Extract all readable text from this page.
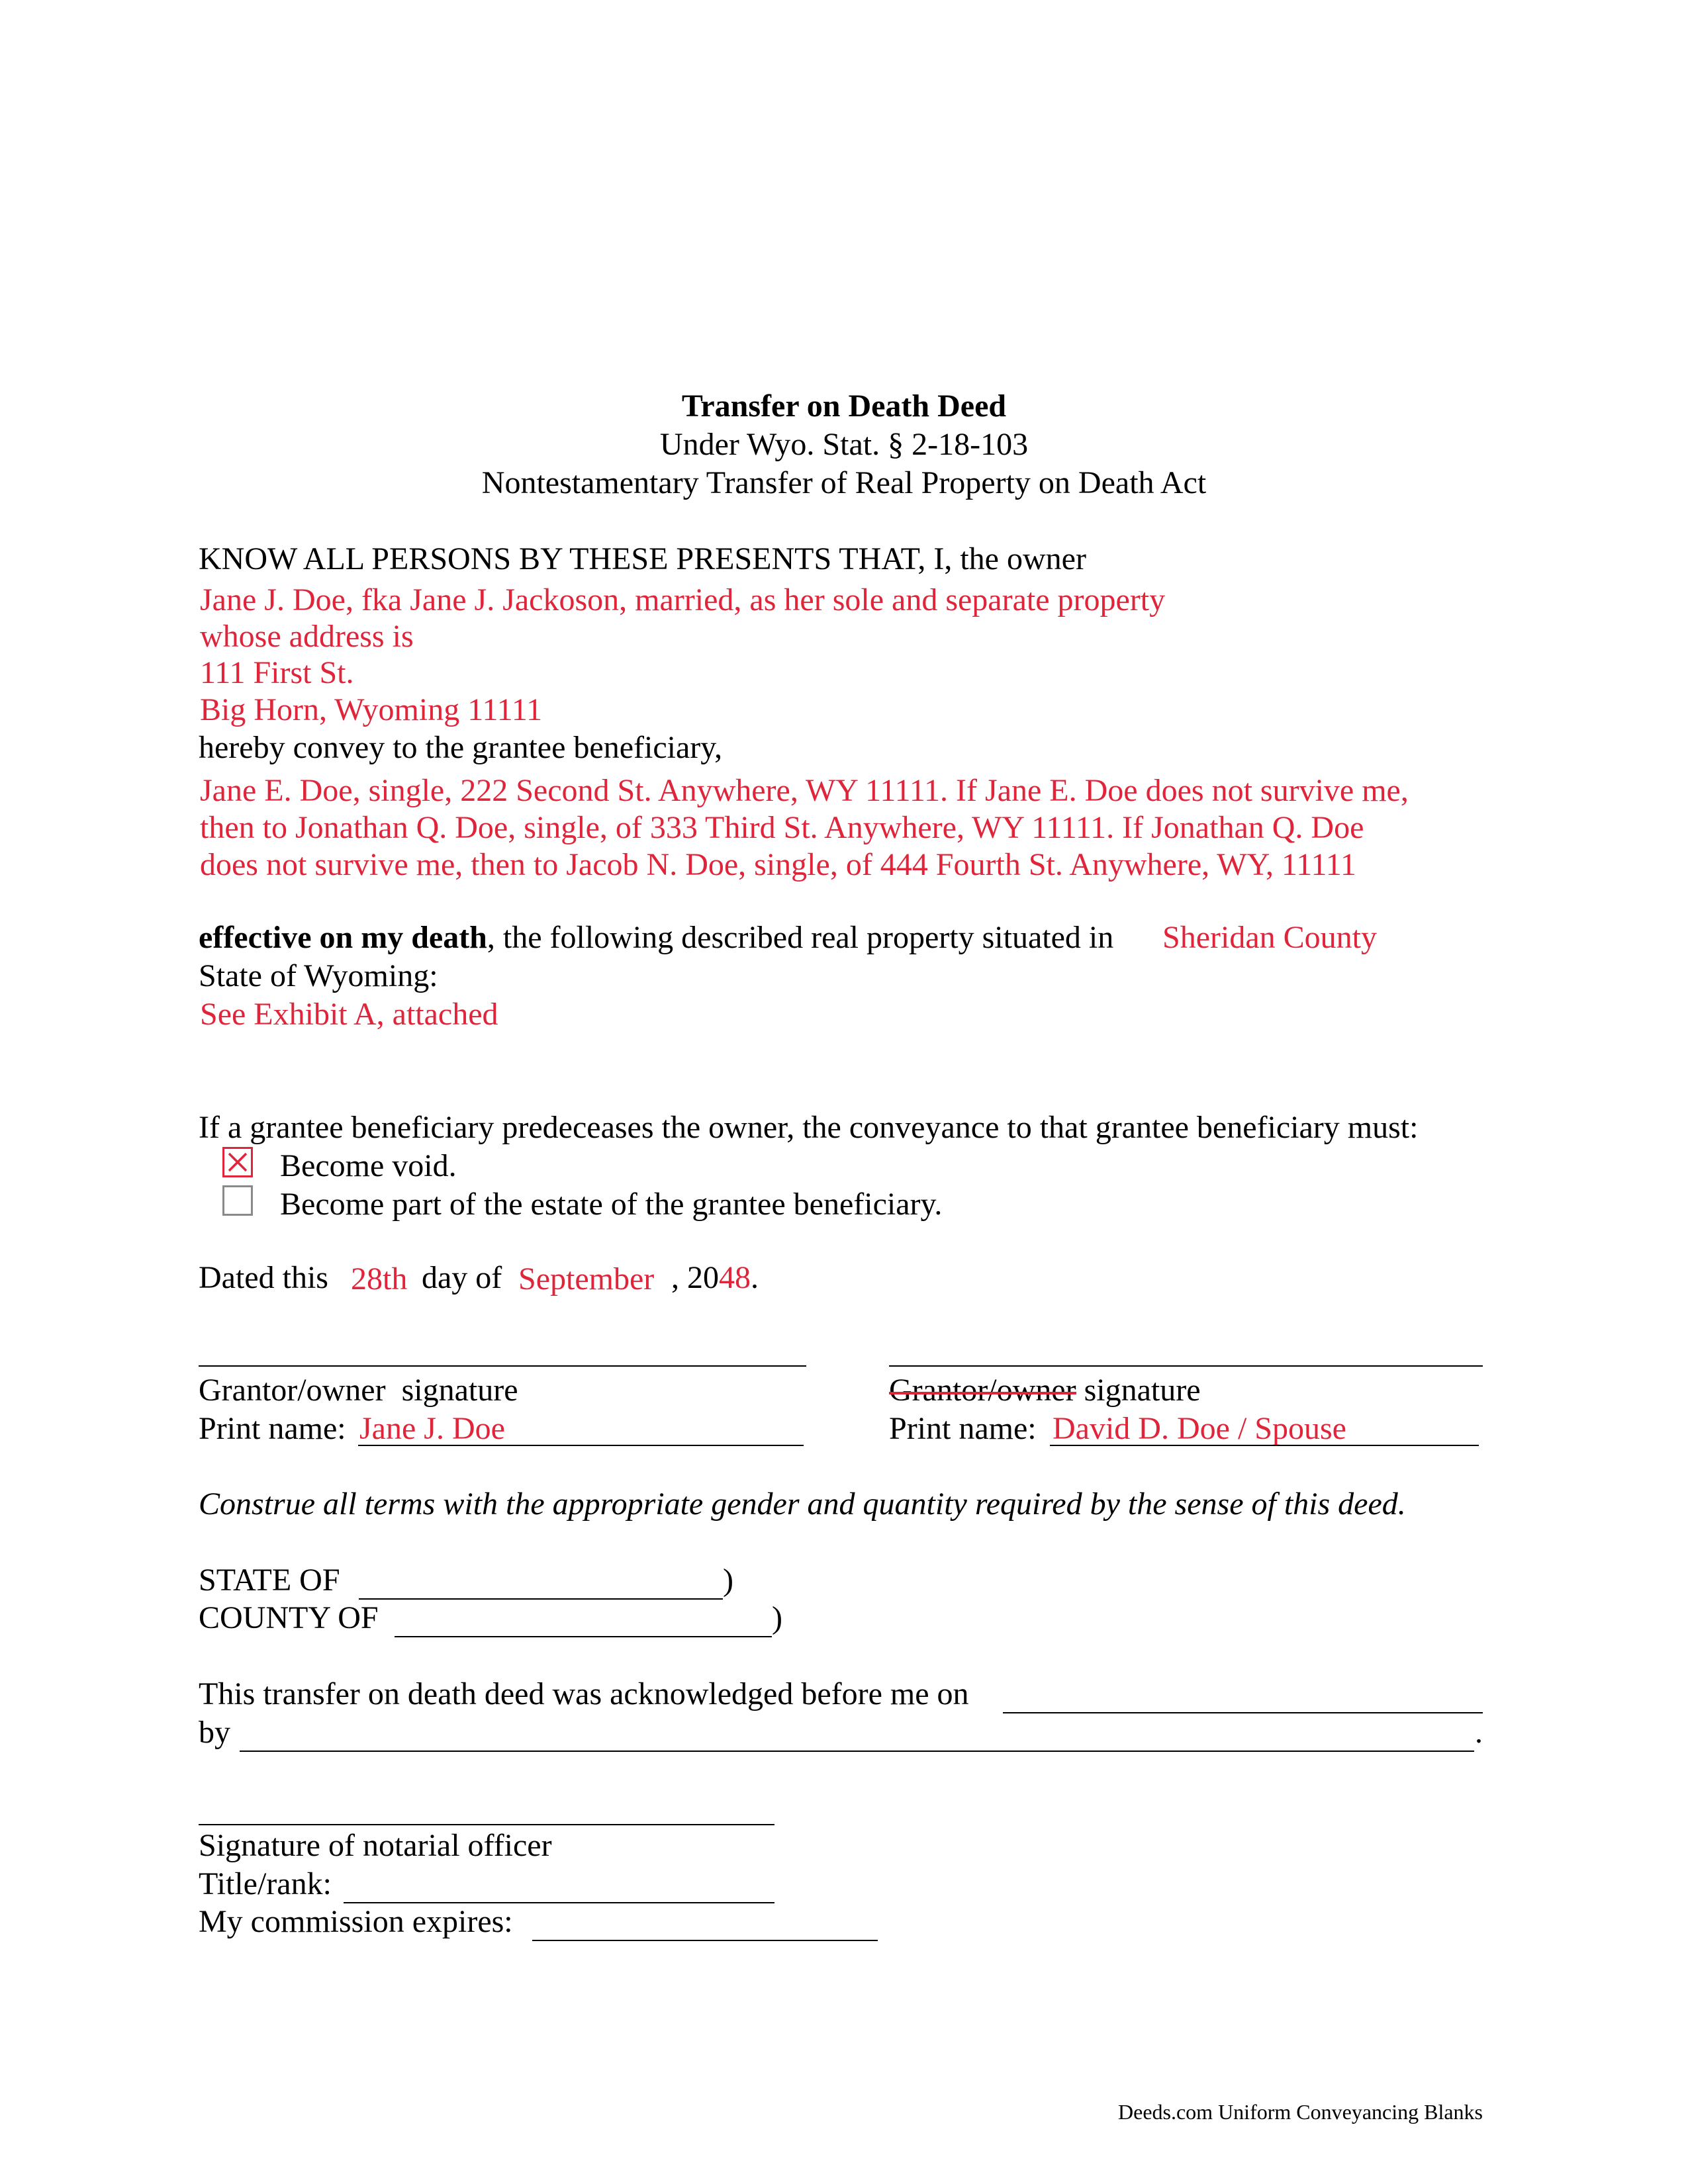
Transfer on Death Deed
Under Wyo. Stat. § 2-18-103
Nontestamentary Transfer of Real Property on Death Act
KNOW ALL PERSONS BY THESE PRESENTS THAT, I, the owner
Jane J. Doe, fka Jane J. Jackoson, married, as her sole and separate property
whose address is
111 First St.
Big Horn, Wyoming 11111
hereby convey to the grantee beneficiary,
Jane E. Doe, single, 222 Second St. Anywhere, WY 11111. If Jane E. Doe does not survive me,
then to Jonathan Q. Doe, single, of 333 Third St. Anywhere, WY 11111. If Jonathan Q. Doe
does not survive me, then to Jacob N. Doe, single, of 444 Fourth St. Anywhere, WY, 11111
effective on my death, the following described real property situated in Sheridan County
State of Wyoming:
See Exhibit A, attached
If a grantee beneficiary predeceases the owner, the conveyance to that grantee beneficiary must:
Become void.
Become part of the estate of the grantee beneficiary.
Dated this 28th day of September , 2048.
Grantor/owner  signature
Print name: Jane J. Doe
Grantor/owner signature
Print name: David D. Doe / Spouse
Construe all terms with the appropriate gender and quantity required by the sense of this deed.
STATE OF	)
COUNTY OF	)
This transfer on death deed was acknowledged before me on
by	.
Signature of notarial officer
Title/rank:
My commission expires:
Deeds.com Uniform Conveyancing Blanks
